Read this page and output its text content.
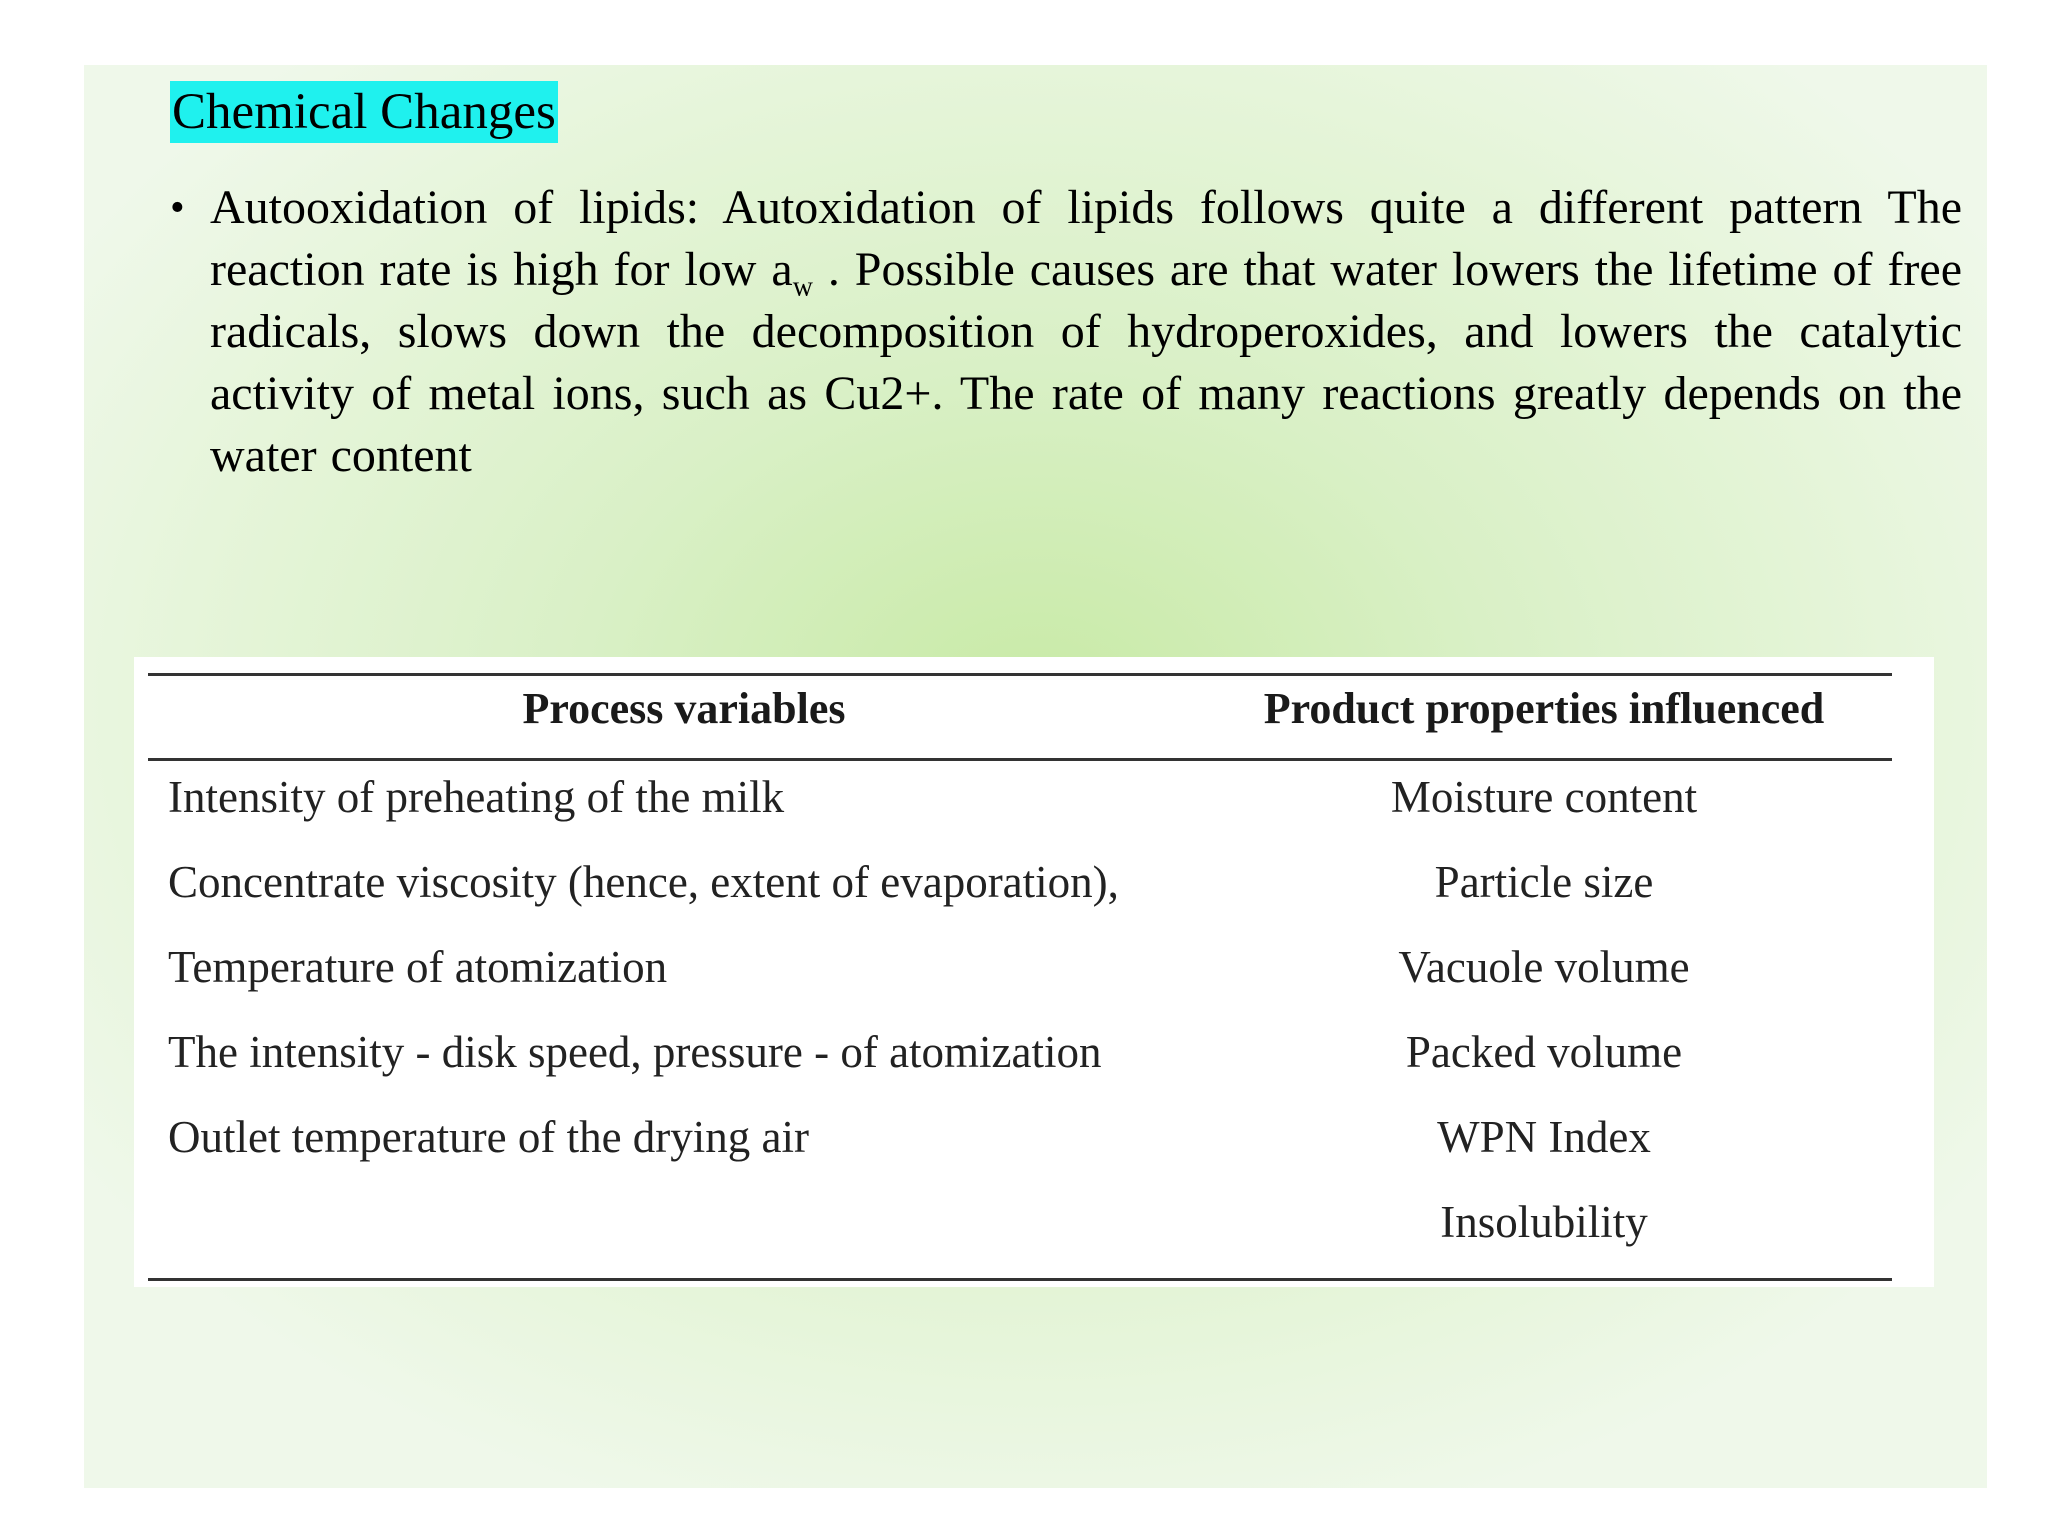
Chemical Changes
• Autooxidation of lipids: Autoxidation of lipids follows quite a different pattern The reaction rate is high for low $a_w$ . Possible causes are that water lowers the lifetime of free radicals, slows down the decomposition of hydroperoxides, and lowers the catalytic activity of metal ions, such as Cu2+. The rate of many reactions greatly depends on the water content
Process variables	Product properties influenced
Intensity of preheating of the milk
Concentrate viscosity (hence, extent of evaporation),
Temperature of atomization
The intensity - disk speed, pressure - of atomization
Outlet temperature of the drying air
Moisture content
Particle size
Vacuole volume
Packed volume
WPN Index
Insolubility
